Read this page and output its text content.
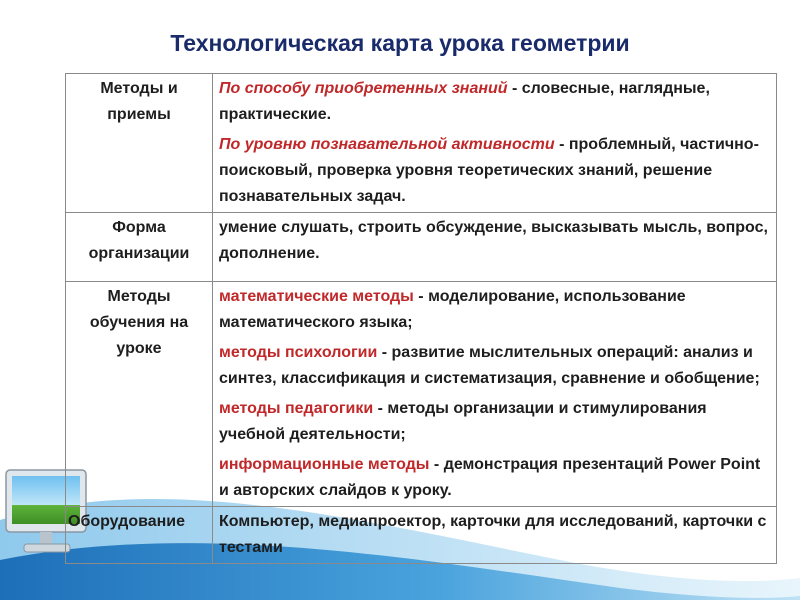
Технологическая карта урока геометрии
Методы и приемы	По способу приобретенных знаний - словесные, наглядные, практические.
По уровню познавательной активности - проблемный, частично-поисковый, проверка уровня теоретических знаний, решение познавательных задач.

Форма организации	умение слушать, строить обсуждение, высказывать мысль, вопрос, дополнение.
Методы обучения на уроке	математические методы - моделирование, использование математического языка;
методы психологии - развитие мыслительных операций: анализ и синтез, классификация и систематизация, сравнение и обобщение;
методы педагогики - методы организации и стимулирования учебной деятельности;
информационные методы - демонстрация презентаций Power Point и авторских слайдов к уроку.

Оборудование	Компьютер, медиапроектор, карточки для исследований, карточки с тестами
